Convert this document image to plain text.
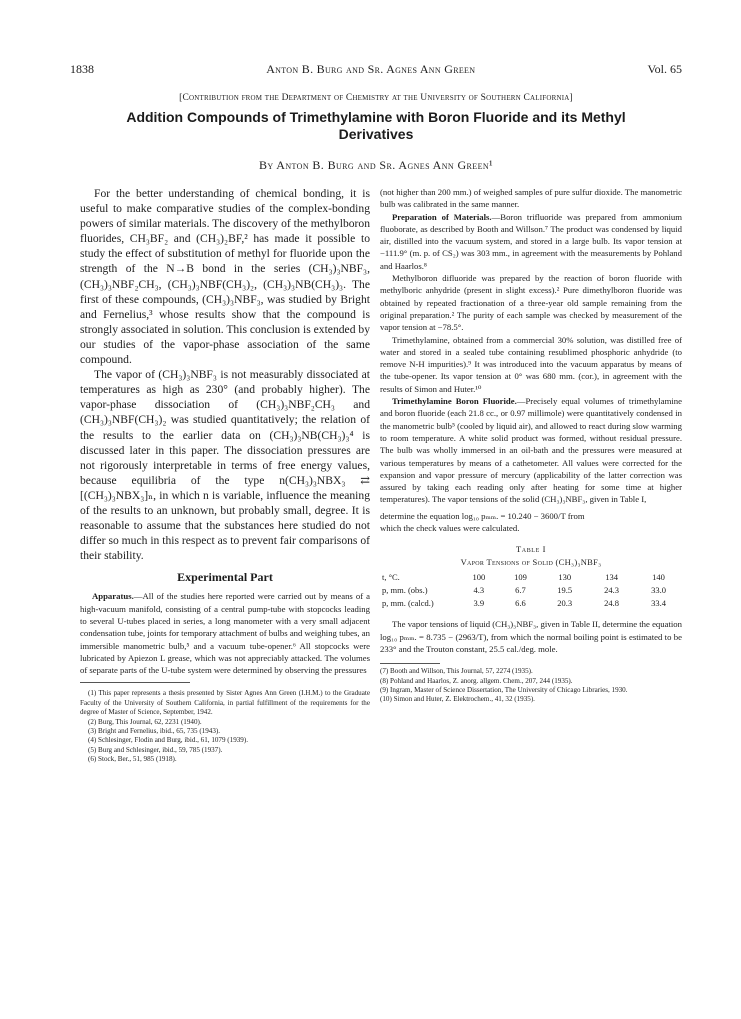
1838	Anton B. Burg and Sr. Agnes Ann Green	Vol. 65
[Contribution from the Department of Chemistry at the University of Southern California]
Addition Compounds of Trimethylamine with Boron Fluoride and its Methyl Derivatives
By Anton B. Burg and Sr. Agnes Ann Green¹

For the better understanding of chemical bonding, it is useful to make comparative studies of the complex-bonding powers of similar materials. The discovery of the methylboron fluorides, CH₃BF₂ and (CH₃)₂BF,² has made it possible to study the effect of substitution of methyl for fluoride upon the strength of the N→B bond in the series (CH₃)₃NBF₃, (CH₃)₃NBF₂CH₃, (CH₃)₃NBF(CH₃)₂, (CH₃)₃NB(CH₃)₃. The first of these compounds, (CH₃)₃NBF₃, was studied by Bright and Fernelius,³ whose results show that the compound is strongly associated in solution. This conclusion is extended by our studies of the vapor-phase association of the same compound.

The vapor of (CH₃)₃NBF₃ is not measurably dissociated at temperatures as high as 230° (and probably higher). The vapor-phase dissociation of (CH₃)₃NBF₂CH₃ and (CH₃)₃NBF(CH₃)₂ was studied quantitatively; the relation of the results to the earlier data on (CH₃)₃NB(CH₃)₃⁴ is discussed later in this paper. The dissociation pressures are not rigorously interpretable in terms of free energy values, because equilibria of the type n(CH₃)₃NBX₃ ⇄ [(CH₃)₃NBX₃]ₙ, in which n is variable, influence the meaning of the results to an unknown, but probably small, degree. It is reasonable to assume that the substances here studied do not differ so much in this respect as to prevent fair comparisons of their stability.

Experimental Part

Apparatus.—All of the studies here reported were carried out by means of a high-vacuum manifold, consisting of a central pump-tube with stopcocks leading to several U-tubes placed in series, a long manometer with a very small adjacent condensation tube, joints for temporary attachment of bulbs and weighing tubes, an immersible manometric bulb,⁵ and a vacuum tube-opener.⁶ All stopcocks were lubricated by Apiezon L grease, which was not appreciably attacked. The volumes of separate parts of the U-tube system were determined by observing the pressures

(1) This paper represents a thesis presented by Sister Agnes Ann Green (I.H.M.) to the Graduate Faculty of the University of Southern California, in partial fulfillment of the requirements for the degree of Master of Science, September, 1942.
(2) Burg, This Journal, 62, 2231 (1940).
(3) Bright and Fernelius, ibid., 65, 735 (1943).
(4) Schlesinger, Flodin and Burg, ibid., 61, 1079 (1939).
(5) Burg and Schlesinger, ibid., 59, 785 (1937).
(6) Stock, Ber., 51, 985 (1918).

(not higher than 200 mm.) of weighed samples of pure sulfur dioxide. The manometric bulb was calibrated in the same manner.

Preparation of Materials.—Boron trifluoride was prepared from ammonium fluoborate, as described by Booth and Willson.⁷ The product was condensed by liquid air, distilled into the vacuum system, and stored in a large bulb. Its vapor tension at −111.9° (m. p. of CS₂) was 303 mm., in agreement with the measurements by Pohland and Haarlos.⁸

Methylboron difluoride was prepared by the reaction of boron fluoride with methylboric anhydride (present in slight excess).² Pure dimethylboron fluoride was obtained by repeated fractionation of a three-year old sample remaining from the original preparation.² The purity of each sample was checked by measurement of the vapor tension at −78.5°.

Trimethylamine, obtained from a commercial 30% solution, was distilled free of water and stored in a sealed tube containing resublimed phosphoric anhydride (to remove N-H impurities).⁹ It was introduced into the vacuum apparatus by means of the tube-opener. Its vapor tension at 0° was 680 mm. (cor.), in agreement with the results of Simon and Huter.¹⁰

Trimethylamine Boron Fluoride.—Precisely equal volumes of trimethylamine and boron fluoride (each 21.8 cc., or 0.97 millimole) were quantitatively condensed in the manometric bulb⁵ (cooled by liquid air), and allowed to react during slow warming to room temperature. A white solid product was formed, without residual pressure. The bulb was wholly immersed in an oil-bath and the pressures were measured at various temperatures by means of a cathetometer. All values were corrected for the expansion and vapor pressure of mercury (applicability of the latter correction was assured by taking each reading only after heating for some time at higher temperatures). The vapor tensions of the solid (CH₃)₃NBF₃, given in Table I,

determine the equation log₁₀ pₘₘ. = 10.240 − 3600/T from
which the check values were calculated.
Table I
Vapor Tensions of Solid (CH₃)₃NBF₃
t, °C.	100	109	130	134	140
p, mm. (obs.)	4.3	6.7	19.5	24.3	33.0
p, mm. (calcd.)	3.9	6.6	20.3	24.8	33.4

The vapor tensions of liquid (CH₃)₃NBF₃, given in Table II, determine the equation log₁₀ pₘₘ. = 8.735 − (2963/T), from which the normal boiling point is estimated to be 233° and the Trouton constant, 25.5 cal./deg. mole.

(7) Booth and Willson, This Journal, 57, 2274 (1935).
(8) Pohland and Haarlos, Z. anorg. allgem. Chem., 207, 244 (1935).
(9) Ingram, Master of Science Dissertation, The University of Chicago Libraries, 1930.
(10) Simon and Huter, Z. Elektrochem., 41, 32 (1935).
